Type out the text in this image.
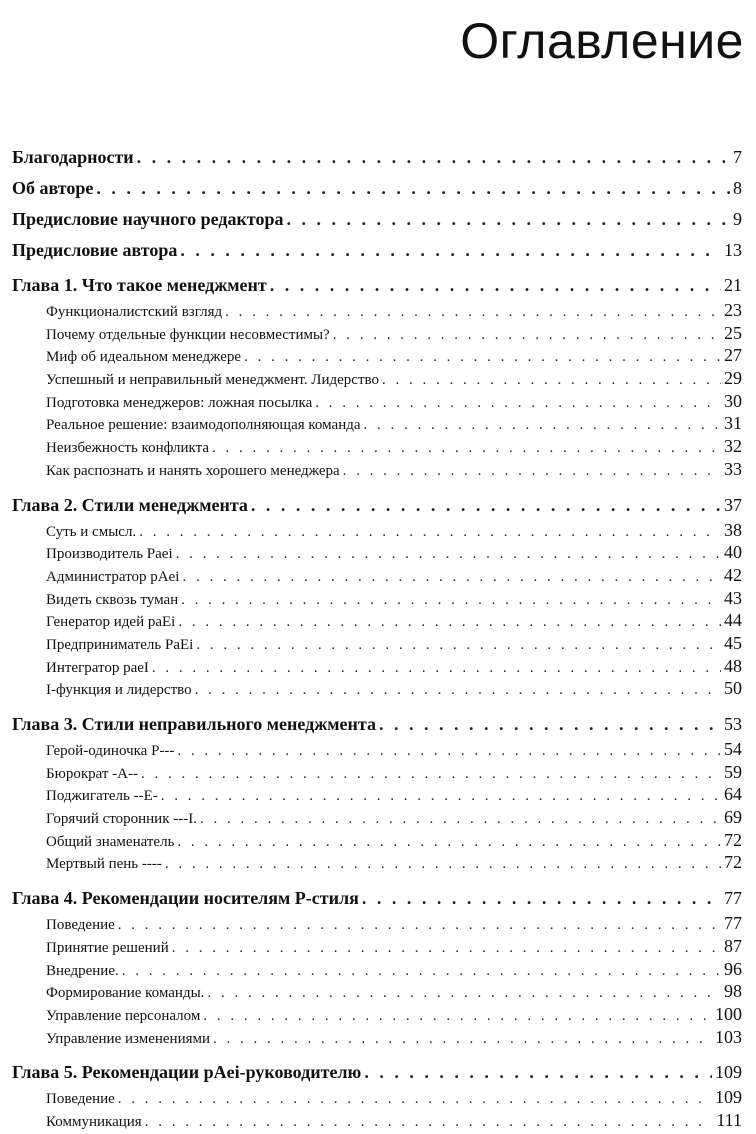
Оглавление
Благодарности . . .	7
Об авторе . . .	8
Предисловие научного редактора . . .	9
Предисловие автора . . .	13
Глава 1. Что такое менеджмент . . .	21
Функционалистский взгляд . . .	23
Почему отдельные функции несовместимы? . . .	25
Миф об идеальном менеджере . . .	27
Успешный и неправильный менеджмент. Лидерство . . .	29
Подготовка менеджеров: ложная посылка . . .	30
Реальное решение: взаимодополняющая команда . . .	31
Неизбежность конфликта . . .	32
Как распознать и нанять хорошего менеджера . . .	33
Глава 2. Стили менеджмента . . .	37
Суть и смысл. . . .	38
Производитель Paei . . .	40
Администратор pAei . . .	42
Видеть сквозь туман . . .	43
Генератор идей paEi . . .	44
Предприниматель PaEi . . .	45
Интегратор paeI . . .	48
I-функция и лидерство . . .	50
Глава 3. Стили неправильного менеджмента . . .	53
Герой-одиночка P--- . . .	54
Бюрократ -A-- . . .	59
Поджигатель --E- . . .	64
Горячий сторонник ---I. . . .	69
Общий знаменатель . . .	72
Мертвый пень ---- . . .	72
Глава 4. Рекомендации носителям P-стиля . . .	77
Поведение . . .	77
Принятие решений . . .	87
Внедрение. . . .	96
Формирование команды. . . .	98
Управление персоналом . . .	100
Управление изменениями . . .	103
Глава 5. Рекомендации pAei-руководителю . . .	109
Поведение . . .	109
Коммуникация . . .	111
